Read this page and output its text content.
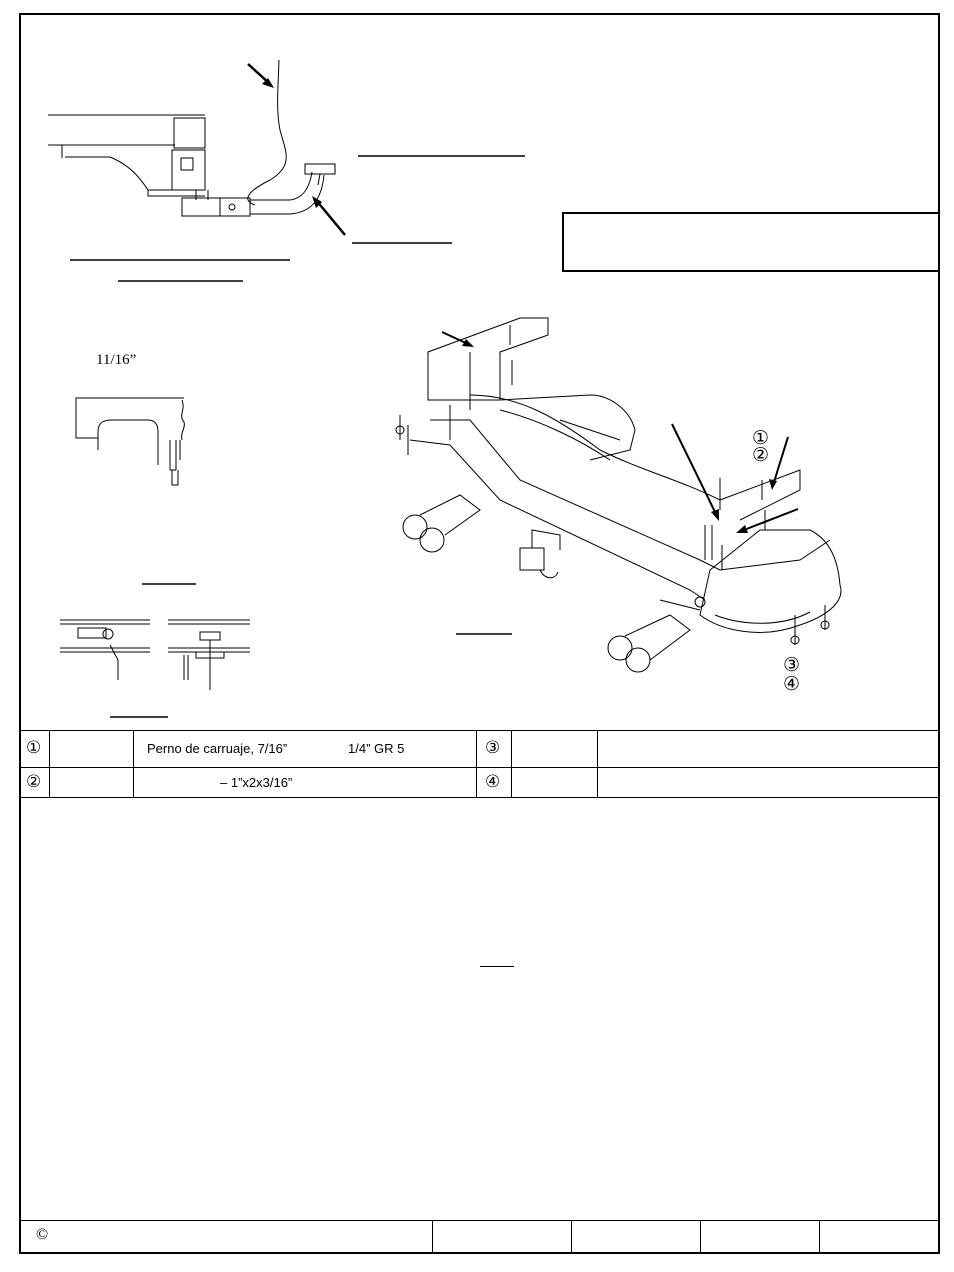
11/16”
①
②
③
④
①	Perno de carruaje, 7/16”	1/4” GR 5	③
②	– 1”x2x3/16”	④
©
